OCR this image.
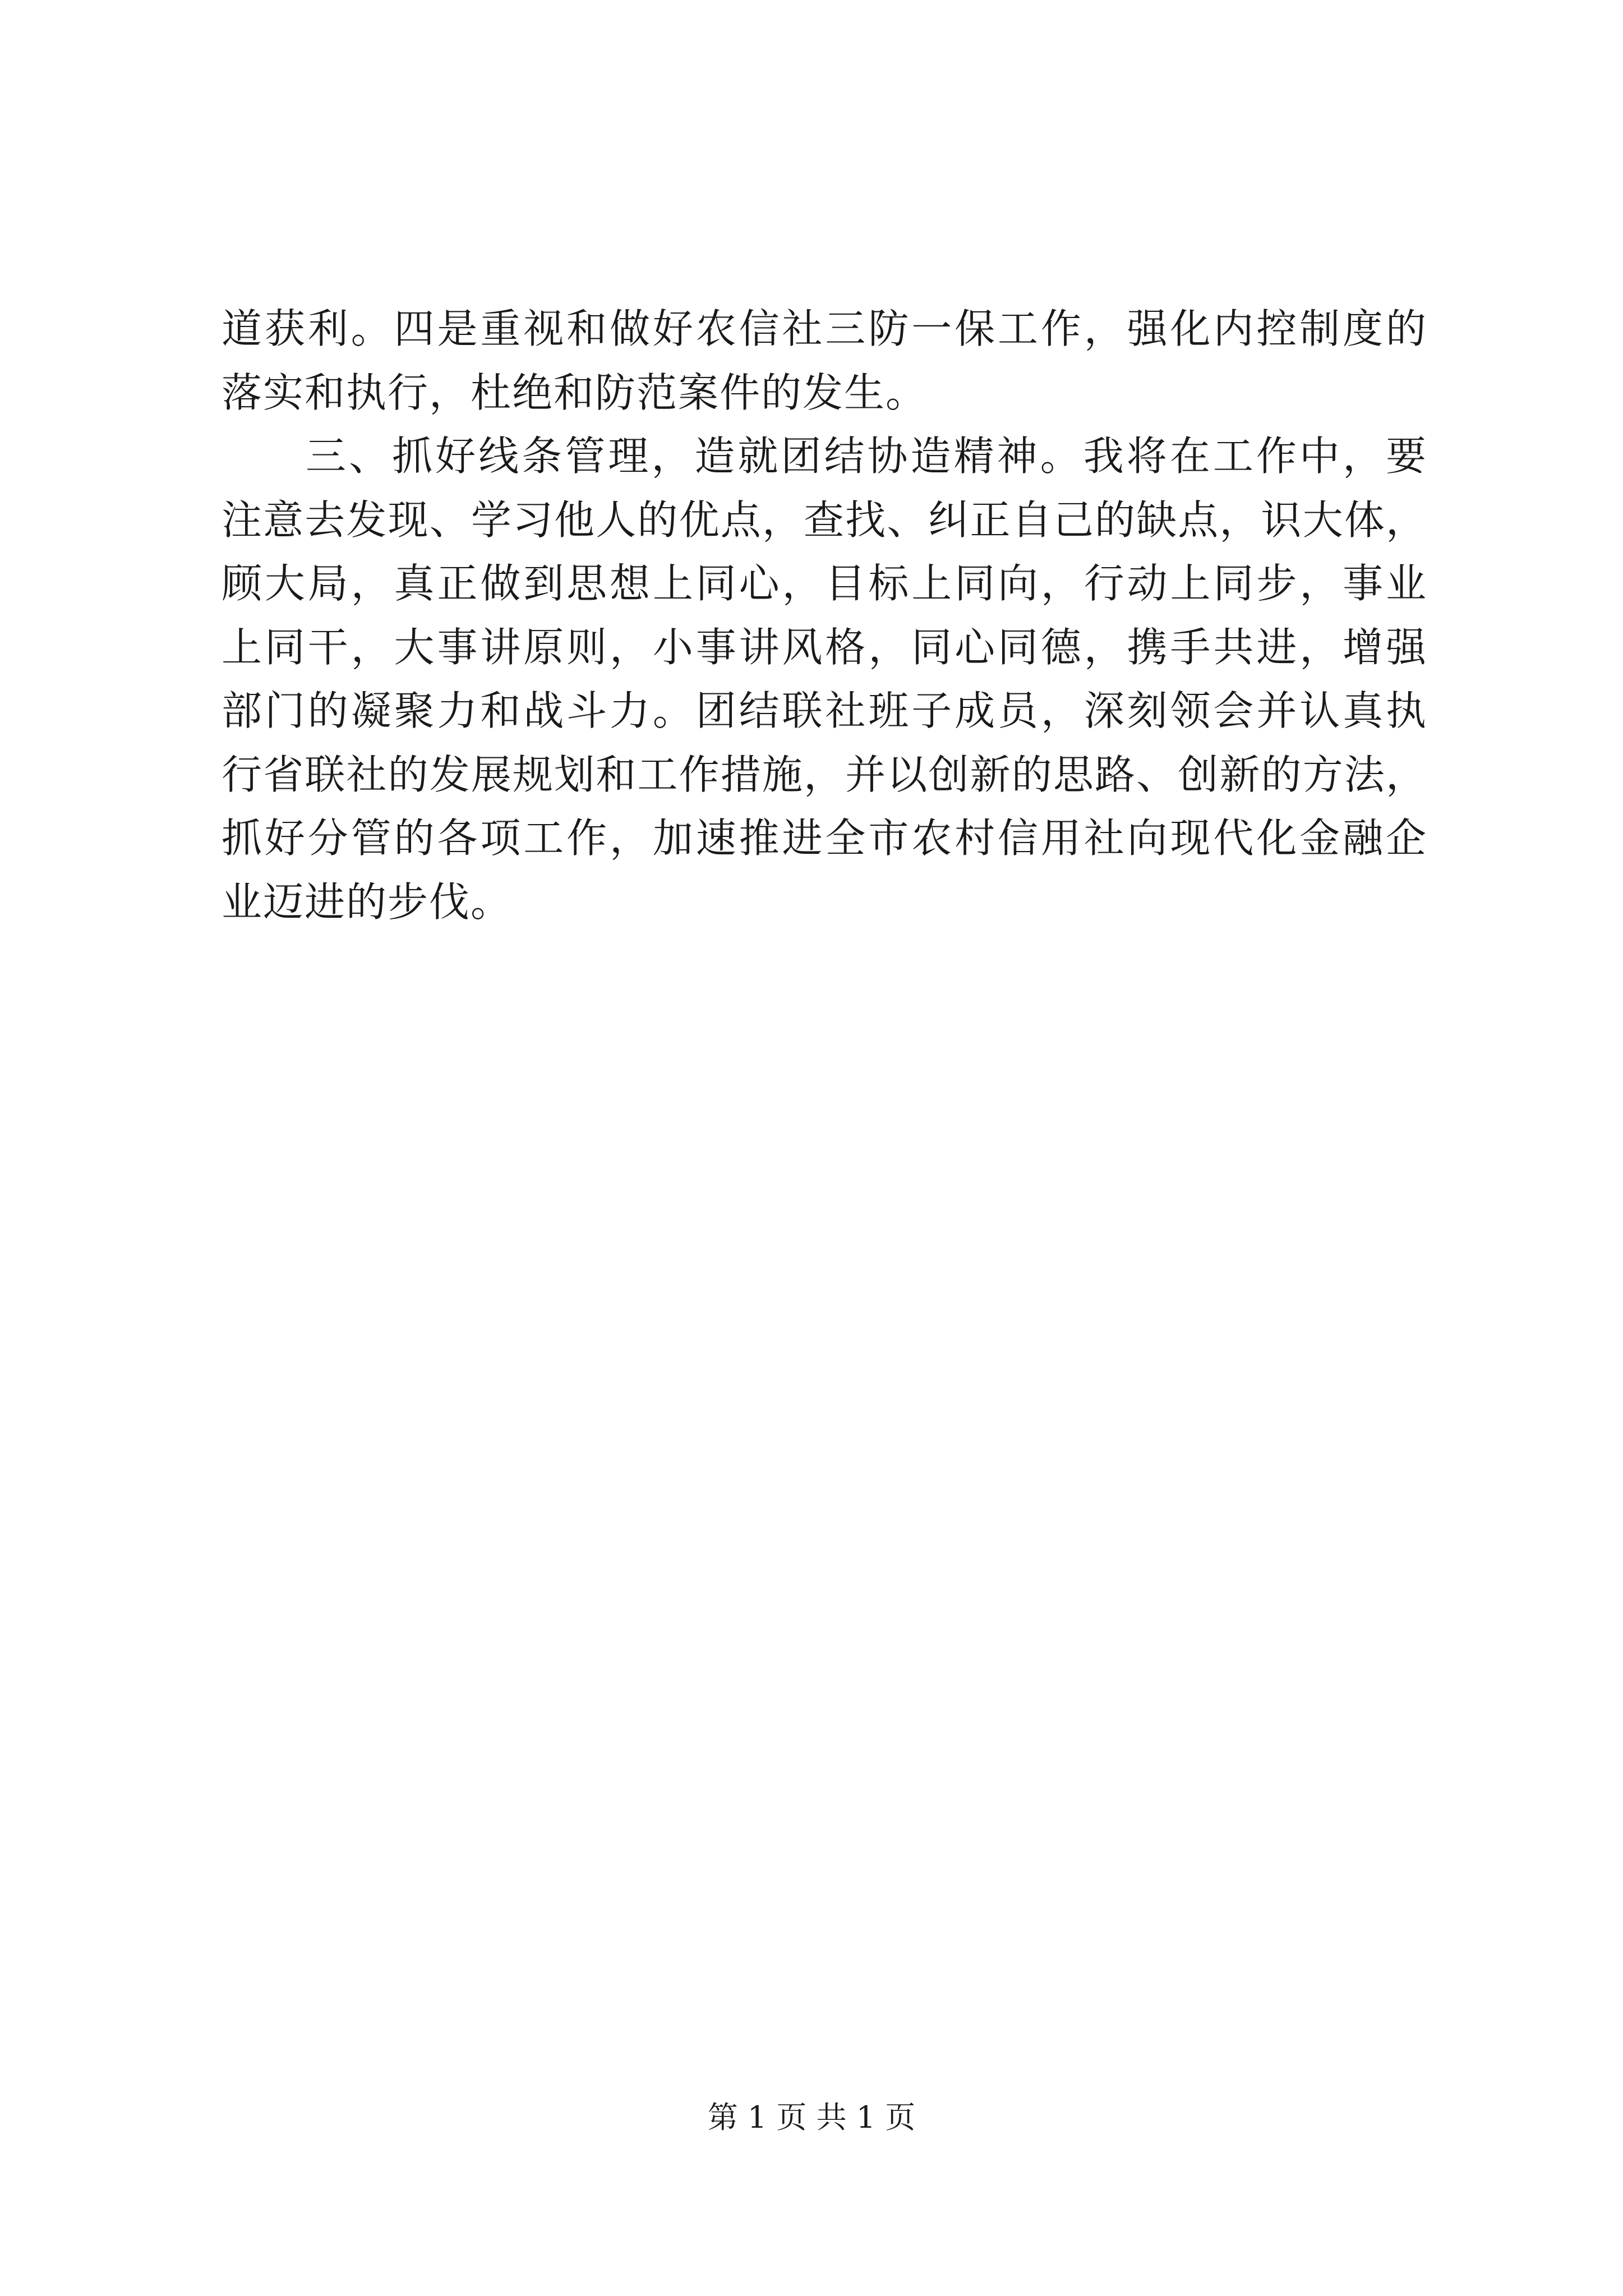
道获利。四是重视和做好农信社三防一保工作，强化内控制度的
落实和执行，杜绝和防范案件的发生。
三、抓好线条管理，造就团结协造精神。我将在工作中，要
注意去发现、学习他人的优点，查找、纠正自己的缺点，识大体，
顾大局，真正做到思想上同心，目标上同向，行动上同步，事业
上同干，大事讲原则，小事讲风格，同心同德，携手共进，增强
部门的凝聚力和战斗力。团结联社班子成员，深刻领会并认真执
行省联社的发展规划和工作措施，并以创新的思路、创新的方法，
抓好分管的各项工作，加速推进全市农村信用社向现代化金融企
业迈进的步伐。
第 1 页 共 1 页
